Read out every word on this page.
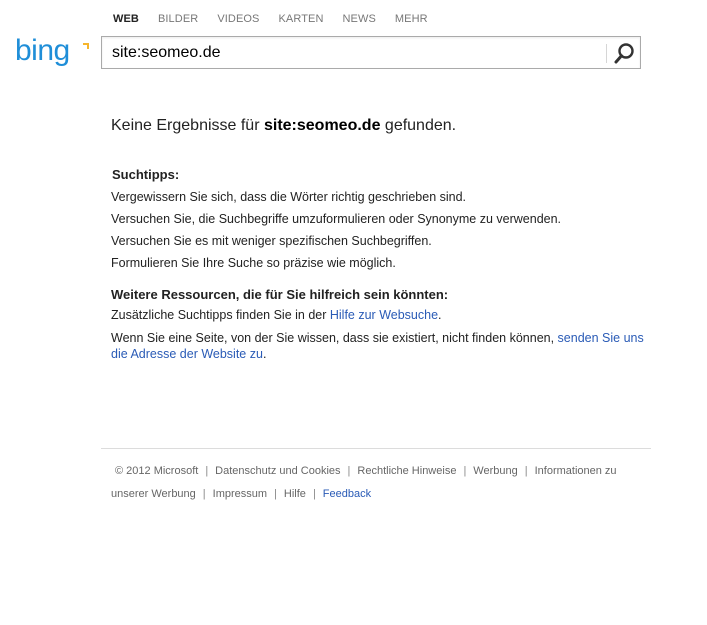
WEB BILDER VIDEOS KARTEN NEWS MEHR
bing
site:seomeo.de
Keine Ergebnisse für site:seomeo.de gefunden.
Suchtipps:
Vergewissern Sie sich, dass die Wörter richtig geschrieben sind.
Versuchen Sie, die Suchbegriffe umzuformulieren oder Synonyme zu verwenden.
Versuchen Sie es mit weniger spezifischen Suchbegriffen.
Formulieren Sie Ihre Suche so präzise wie möglich.
Weitere Ressourcen, die für Sie hilfreich sein könnten:
Zusätzliche Suchtipps finden Sie in der Hilfe zur Websuche.
Wenn Sie eine Seite, von der Sie wissen, dass sie existiert, nicht finden können, senden Sie uns die Adresse der Website zu.
© 2012 Microsoft | Datenschutz und Cookies | Rechtliche Hinweise | Werbung | Informationen zu unserer Werbung | Impressum | Hilfe | Feedback
